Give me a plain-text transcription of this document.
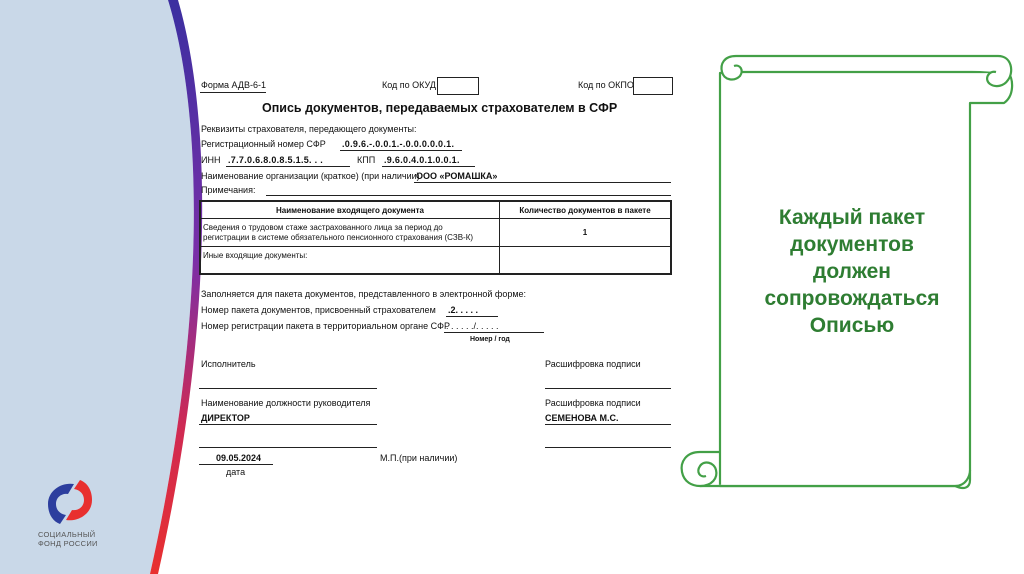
СОЦИАЛЬНЫЙ
ФОНД РОССИИ
Форма АДВ-6-1	Код по ОКУД	Код по ОКПО
Опись документов, передаваемых страхователем в СФР
Реквизиты страхователя, передающего документы:
Регистрационный номер СФР .0.9.6.-.0.0.1.-.0.0.0.0.0.1.
ИНН .7.7.0.6.8.0.8.5.1.5. . .	КПП .9.6.0.4.0.1.0.0.1.
Наименование организации (краткое) (при наличии)
ООО «РОМАШКА»
Примечания:
Наименование входящего документа	Количество документов в пакете
Сведения о трудовом стаже застрахованного лица за период до
регистрации в системе обязательного пенсионного страхования (СЗВ-К)
1
Иные входящие документы:
Заполняется для пакета документов, представленного в электронной форме:
Номер пакета документов, присвоенный страхователем .2. . . . .
Номер регистрации пакета в территориальном органе СФР
. . . . . ./. . . . .
Номер / год
Исполнитель	Расшифровка подписи
Наименование должности руководителя	Расшифровка подписи
ДИРЕКТОР	СЕМЕНОВА М.С.
09.05.2024
дата
М.П.(при наличии)
Каждый пакет
документов
должен
сопровождаться
Описью
